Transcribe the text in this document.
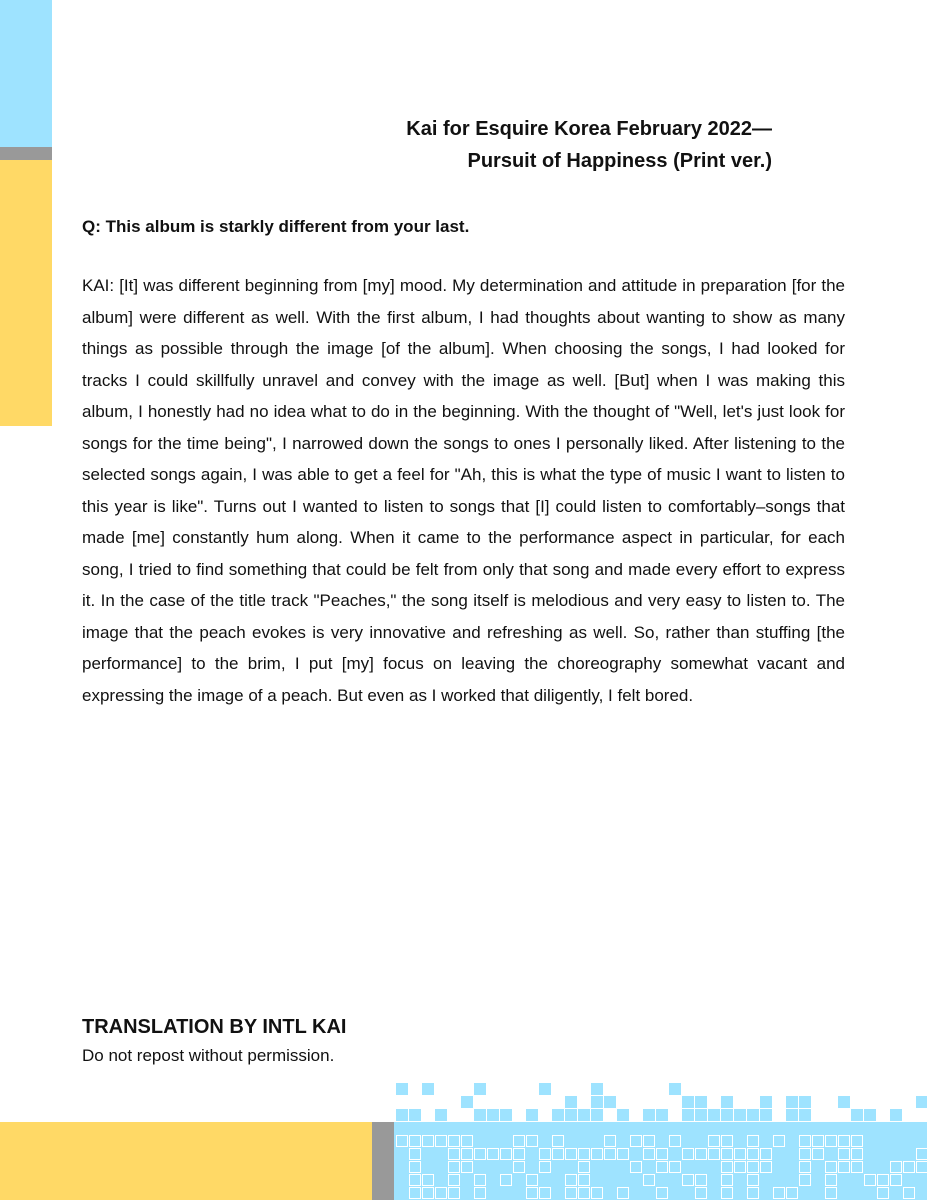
Kai for Esquire Korea February 2022—
Pursuit of Happiness (Print ver.)

Q: This album is starkly different from your last.

KAI: [It] was different beginning from [my] mood. My determination and attitude in preparation [for the album] were different as well. With the first album, I had thoughts about wanting to show as many things as possible through the image [of the album]. When choosing the songs, I had looked for tracks I could skillfully unravel and convey with the image as well. [But] when I was making this album, I honestly had no idea what to do in the beginning. With the thought of "Well, let's just look for songs for the time being", I narrowed down the songs to ones I personally liked. After listening to the selected songs again, I was able to get a feel for "Ah, this is what the type of music I want to listen to this year is like". Turns out I wanted to listen to songs that [I] could listen to comfortably–songs that made [me] constantly hum along. When it came to the performance aspect in particular, for each song, I tried to find something that could be felt from only that song and made every effort to express it. In the case of the title track "Peaches," the song itself is melodious and very easy to listen to. The image that the peach evokes is very innovative and refreshing as well. So, rather than stuffing [the performance] to the brim, I put [my] focus on leaving the choreography somewhat vacant and expressing the image of a peach. But even as I worked that diligently, I felt bored.

TRANSLATION BY INTL KAI
Do not repost without permission.
